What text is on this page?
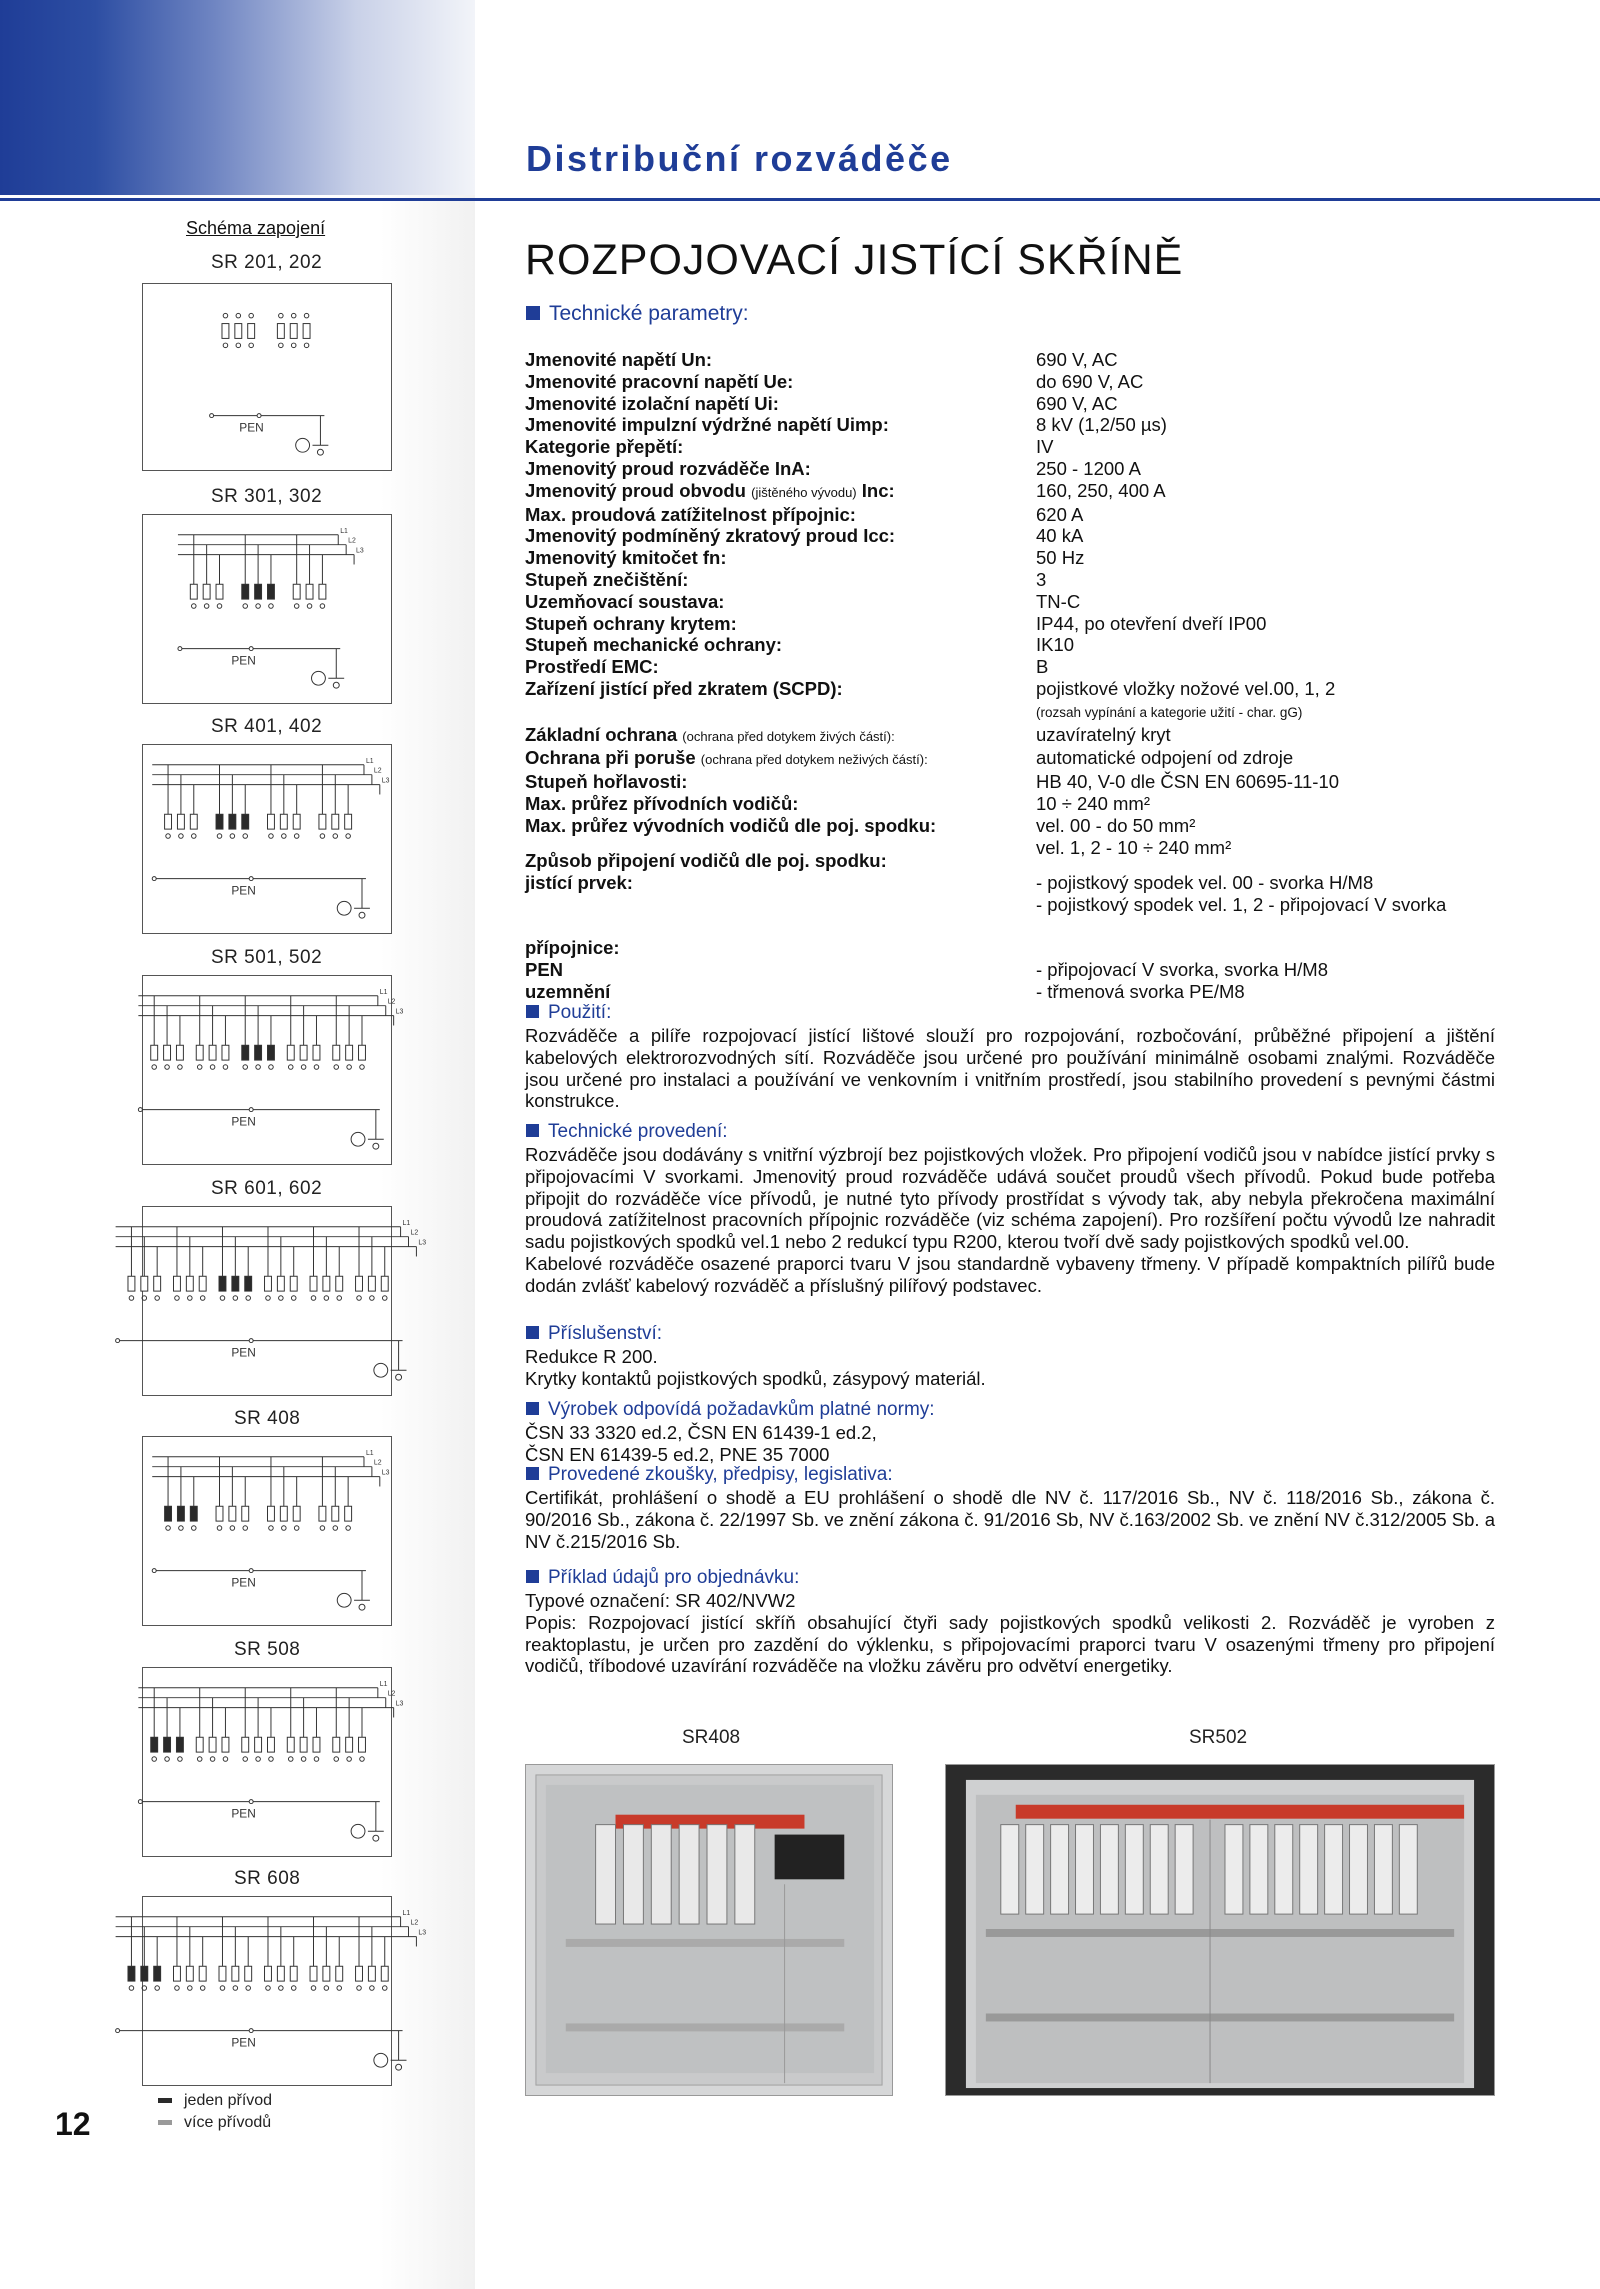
Distribuční rozváděče
Schéma zapojení
SR 201, 202
PEN
SR 301, 302
L1
L2
L3
PEN
SR 401, 402
L1
L2
L3
PEN
SR 501, 502
L1
L2
L3
PEN
SR 601, 602
L1
L2
L3
PEN
SR 408
L1
L2
L3
PEN
SR 508
L1
L2
L3
PEN
SR 608
L1
L2
L3
PEN
jeden přívod
více přívodů
12
ROZPOJOVACÍ JISTÍCÍ SKŘÍNĚ
Technické parametry:
Jmenovité napětí Un:	690 V, AC
Jmenovité pracovní napětí Ue:	do 690 V, AC
Jmenovité izolační napětí Ui:	690 V, AC
Jmenovité impulzní výdržné napětí Uimp:	8 kV (1,2/50 µs)
Kategorie přepětí:	IV
Jmenovitý proud rozváděče InA:	250 - 1200 A
Jmenovitý proud obvodu (jištěného vývodu) Inc:	160, 250, 400 A
Max. proudová zatížitelnost přípojnic:	620 A
Jmenovitý podmíněný zkratový proud Icc:	40 kA
Jmenovitý kmitočet fn:	50 Hz
Stupeň znečištění:	3
Uzemňovací soustava:	TN-C
Stupeň ochrany krytem:	IP44, po otevření dveří IP00
Stupeň mechanické ochrany:	IK10
Prostředí EMC:	B
Zařízení jistící před zkratem (SCPD):	pojistkové vložky nožové vel.00, 1, 2
(rozsah vypínání a kategorie užití - char. gG)
Základní ochrana (ochrana před dotykem živých částí):	uzavíratelný kryt
Ochrana při poruše (ochrana před dotykem neživých částí):	automatické odpojení od zdroje
Stupeň hořlavosti:	HB 40, V-0 dle ČSN EN 60695-11-10
Max. průřez přívodních vodičů:	10 ÷ 240 mm²
Max. průřez vývodních vodičů dle poj. spodku:	vel. 00 - do 50 mm²
vel. 1, 2 - 10 ÷ 240 mm²
Způsob připojení vodičů dle poj. spodku:
jistící prvek:	- pojistkový spodek vel. 00 - svorka H/M8
- pojistkový spodek vel. 1, 2 - připojovací V svorka
přípojnice:
PEN	- připojovací V svorka, svorka H/M8
uzemnění	- třmenová svorka PE/M8
Použití:
Rozváděče a pilíře rozpojovací jistící lištové slouží pro rozpojování, rozbočování, průběžné připojení a jištění kabelových elektrorozvodných sítí. Rozváděče jsou určené pro používání minimálně osobami znalými. Rozváděče jsou určené pro instalaci a používání ve venkovním i vnitřním prostředí, jsou stabilního provedení s pevnými částmi konstrukce.
Technické provedení:
Rozváděče jsou dodávány s vnitřní výzbrojí bez pojistkových vložek. Pro připojení vodičů jsou v nabídce jistící prvky s připojovacími V svorkami. Jmenovitý proud rozváděče udává součet proudů všech přívodů. Pokud bude potřeba připojit do rozváděče více přívodů, je nutné tyto přívody prostřídat s vývody tak, aby nebyla překročena maximální proudová zatížitelnost pracovních přípojnic rozváděče (viz schéma zapojení). Pro rozšíření počtu vývodů lze nahradit sadu pojistkových spodků vel.1 nebo 2 redukcí typu R200, kterou tvoří dvě sady pojistkových spodků vel.00.
Kabelové rozváděče osazené praporci tvaru V jsou standardně vybaveny třmeny. V případě kompaktních pilířů bude dodán zvlášť kabelový rozváděč a příslušný pilířový podstavec.
Příslušenství:
Redukce R 200.
Krytky kontaktů pojistkových spodků, zásypový materiál.
Výrobek odpovídá požadavkům platné normy:
ČSN 33 3320 ed.2, ČSN EN 61439-1 ed.2,
ČSN EN 61439-5 ed.2, PNE 35 7000
Provedené zkoušky, předpisy, legislativa:
Certifikát, prohlášení o shodě a EU prohlášení o shodě dle NV č. 117/2016 Sb., NV č. 118/2016 Sb., zákona č. 90/2016 Sb., zákona č. 22/1997 Sb. ve znění zákona č. 91/2016 Sb, NV č.163/2002 Sb. ve znění NV č.312/2005 Sb. a NV č.215/2016 Sb.
Příklad údajů pro objednávku:
Typové označení: SR 402/NVW2
Popis: Rozpojovací jistící skříň obsahující čtyři sady pojistkových spodků velikosti 2. Rozváděč je vyroben z reaktoplastu, je určen pro zazdění do výklenku, s připojovacími praporci tvaru V osazenými třmeny pro připojení vodičů, tříbodové uzavírání rozváděče na vložku závěru pro odvětví energetiky.
SR408	SR502
